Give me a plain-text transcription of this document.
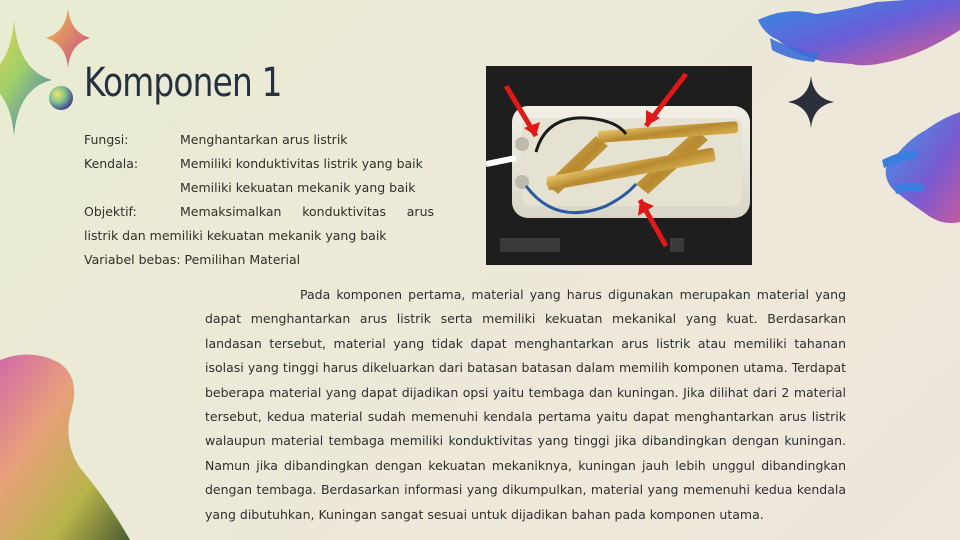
Komponen 1
Fungsi:	Menghantarkan arus listrik
Kendala:	Memiliki konduktivitas listrik yang baik
Memiliki kekuatan mekanik yang baik
Objektif:	Memaksimalkan konduktivitas arus
listrik dan memiliki kekuatan mekanik yang baik
Variabel bebas: Pemilihan Material
Pada komponen pertama, material yang harus digunakan merupakan material yang dapat menghantarkan arus listrik serta memiliki kekuatan mekanikal yang kuat. Berdasarkan landasan tersebut, material yang tidak dapat menghantarkan arus listrik atau memiliki tahanan isolasi yang tinggi harus dikeluarkan dari batasan batasan dalam memilih komponen utama. Terdapat beberapa material yang dapat dijadikan opsi yaitu tembaga dan kuningan. Jika dilihat dari 2 material tersebut, kedua material sudah memenuhi kendala pertama yaitu dapat menghantarkan arus listrik walaupun material tembaga memiliki konduktivitas yang tinggi jika dibandingkan dengan kuningan. Namun jika dibandingkan dengan kekuatan mekaniknya, kuningan jauh lebih unggul dibandingkan dengan tembaga. Berdasarkan informasi yang dikumpulkan, material yang memenuhi kedua kendala yang dibutuhkan, Kuningan sangat sesuai untuk dijadikan bahan pada komponen utama.
